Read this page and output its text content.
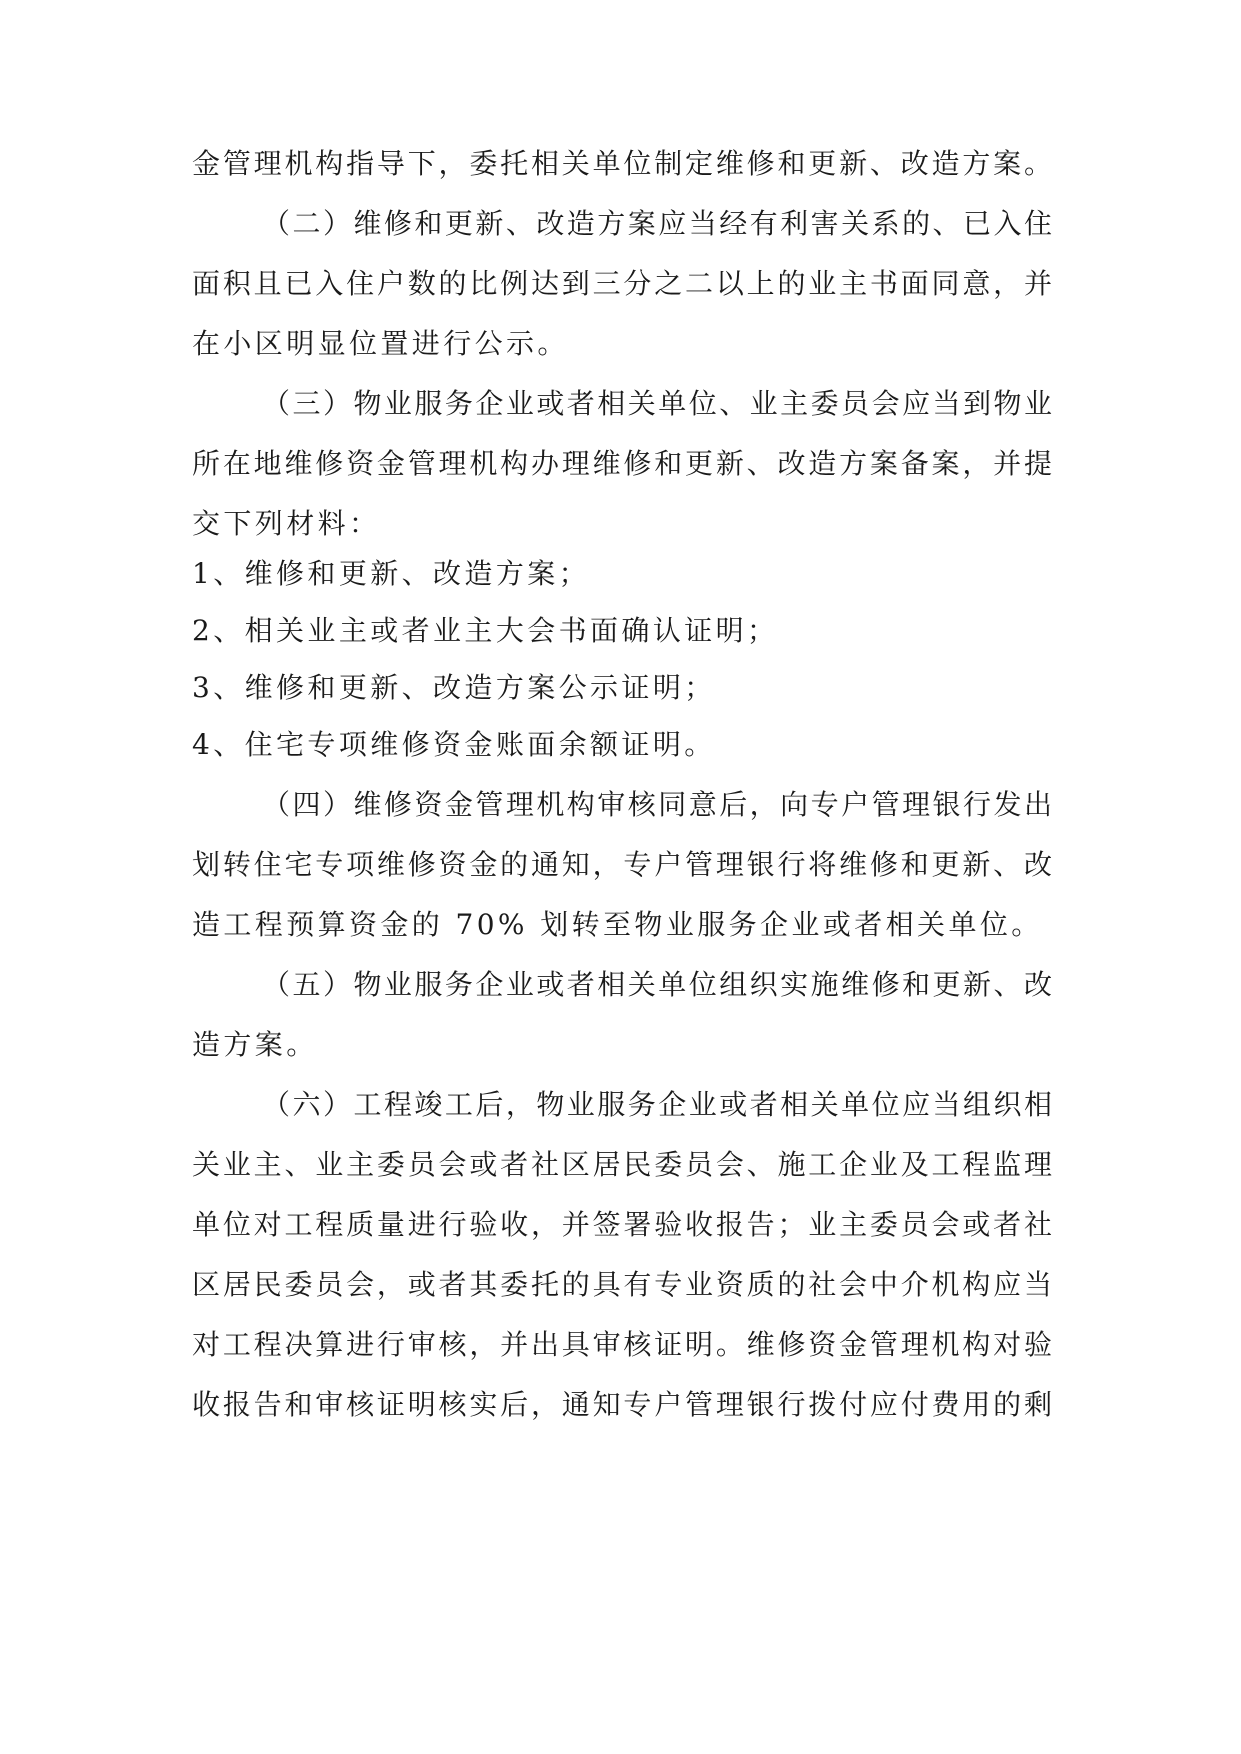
金管理机构指导下，委托相关单位制定维修和更新、改造方案。
（二）维修和更新、改造方案应当经有利害关系的、已入住
面积且已入住户数的比例达到三分之二以上的业主书面同意，并
在小区明显位置进行公示。
（三）物业服务企业或者相关单位、业主委员会应当到物业
所在地维修资金管理机构办理维修和更新、改造方案备案，并提
交下列材料：
1、维修和更新、改造方案；
2、相关业主或者业主大会书面确认证明；
3、维修和更新、改造方案公示证明；
4、住宅专项维修资金账面余额证明。
（四）维修资金管理机构审核同意后，向专户管理银行发出
划转住宅专项维修资金的通知，专户管理银行将维修和更新、改
造工程预算资金的 70% 划转至物业服务企业或者相关单位。
（五）物业服务企业或者相关单位组织实施维修和更新、改
造方案。
（六）工程竣工后，物业服务企业或者相关单位应当组织相
关业主、业主委员会或者社区居民委员会、施工企业及工程监理
单位对工程质量进行验收，并签署验收报告；业主委员会或者社
区居民委员会，或者其委托的具有专业资质的社会中介机构应当
对工程决算进行审核，并出具审核证明。维修资金管理机构对验
收报告和审核证明核实后，通知专户管理银行拨付应付费用的剩
